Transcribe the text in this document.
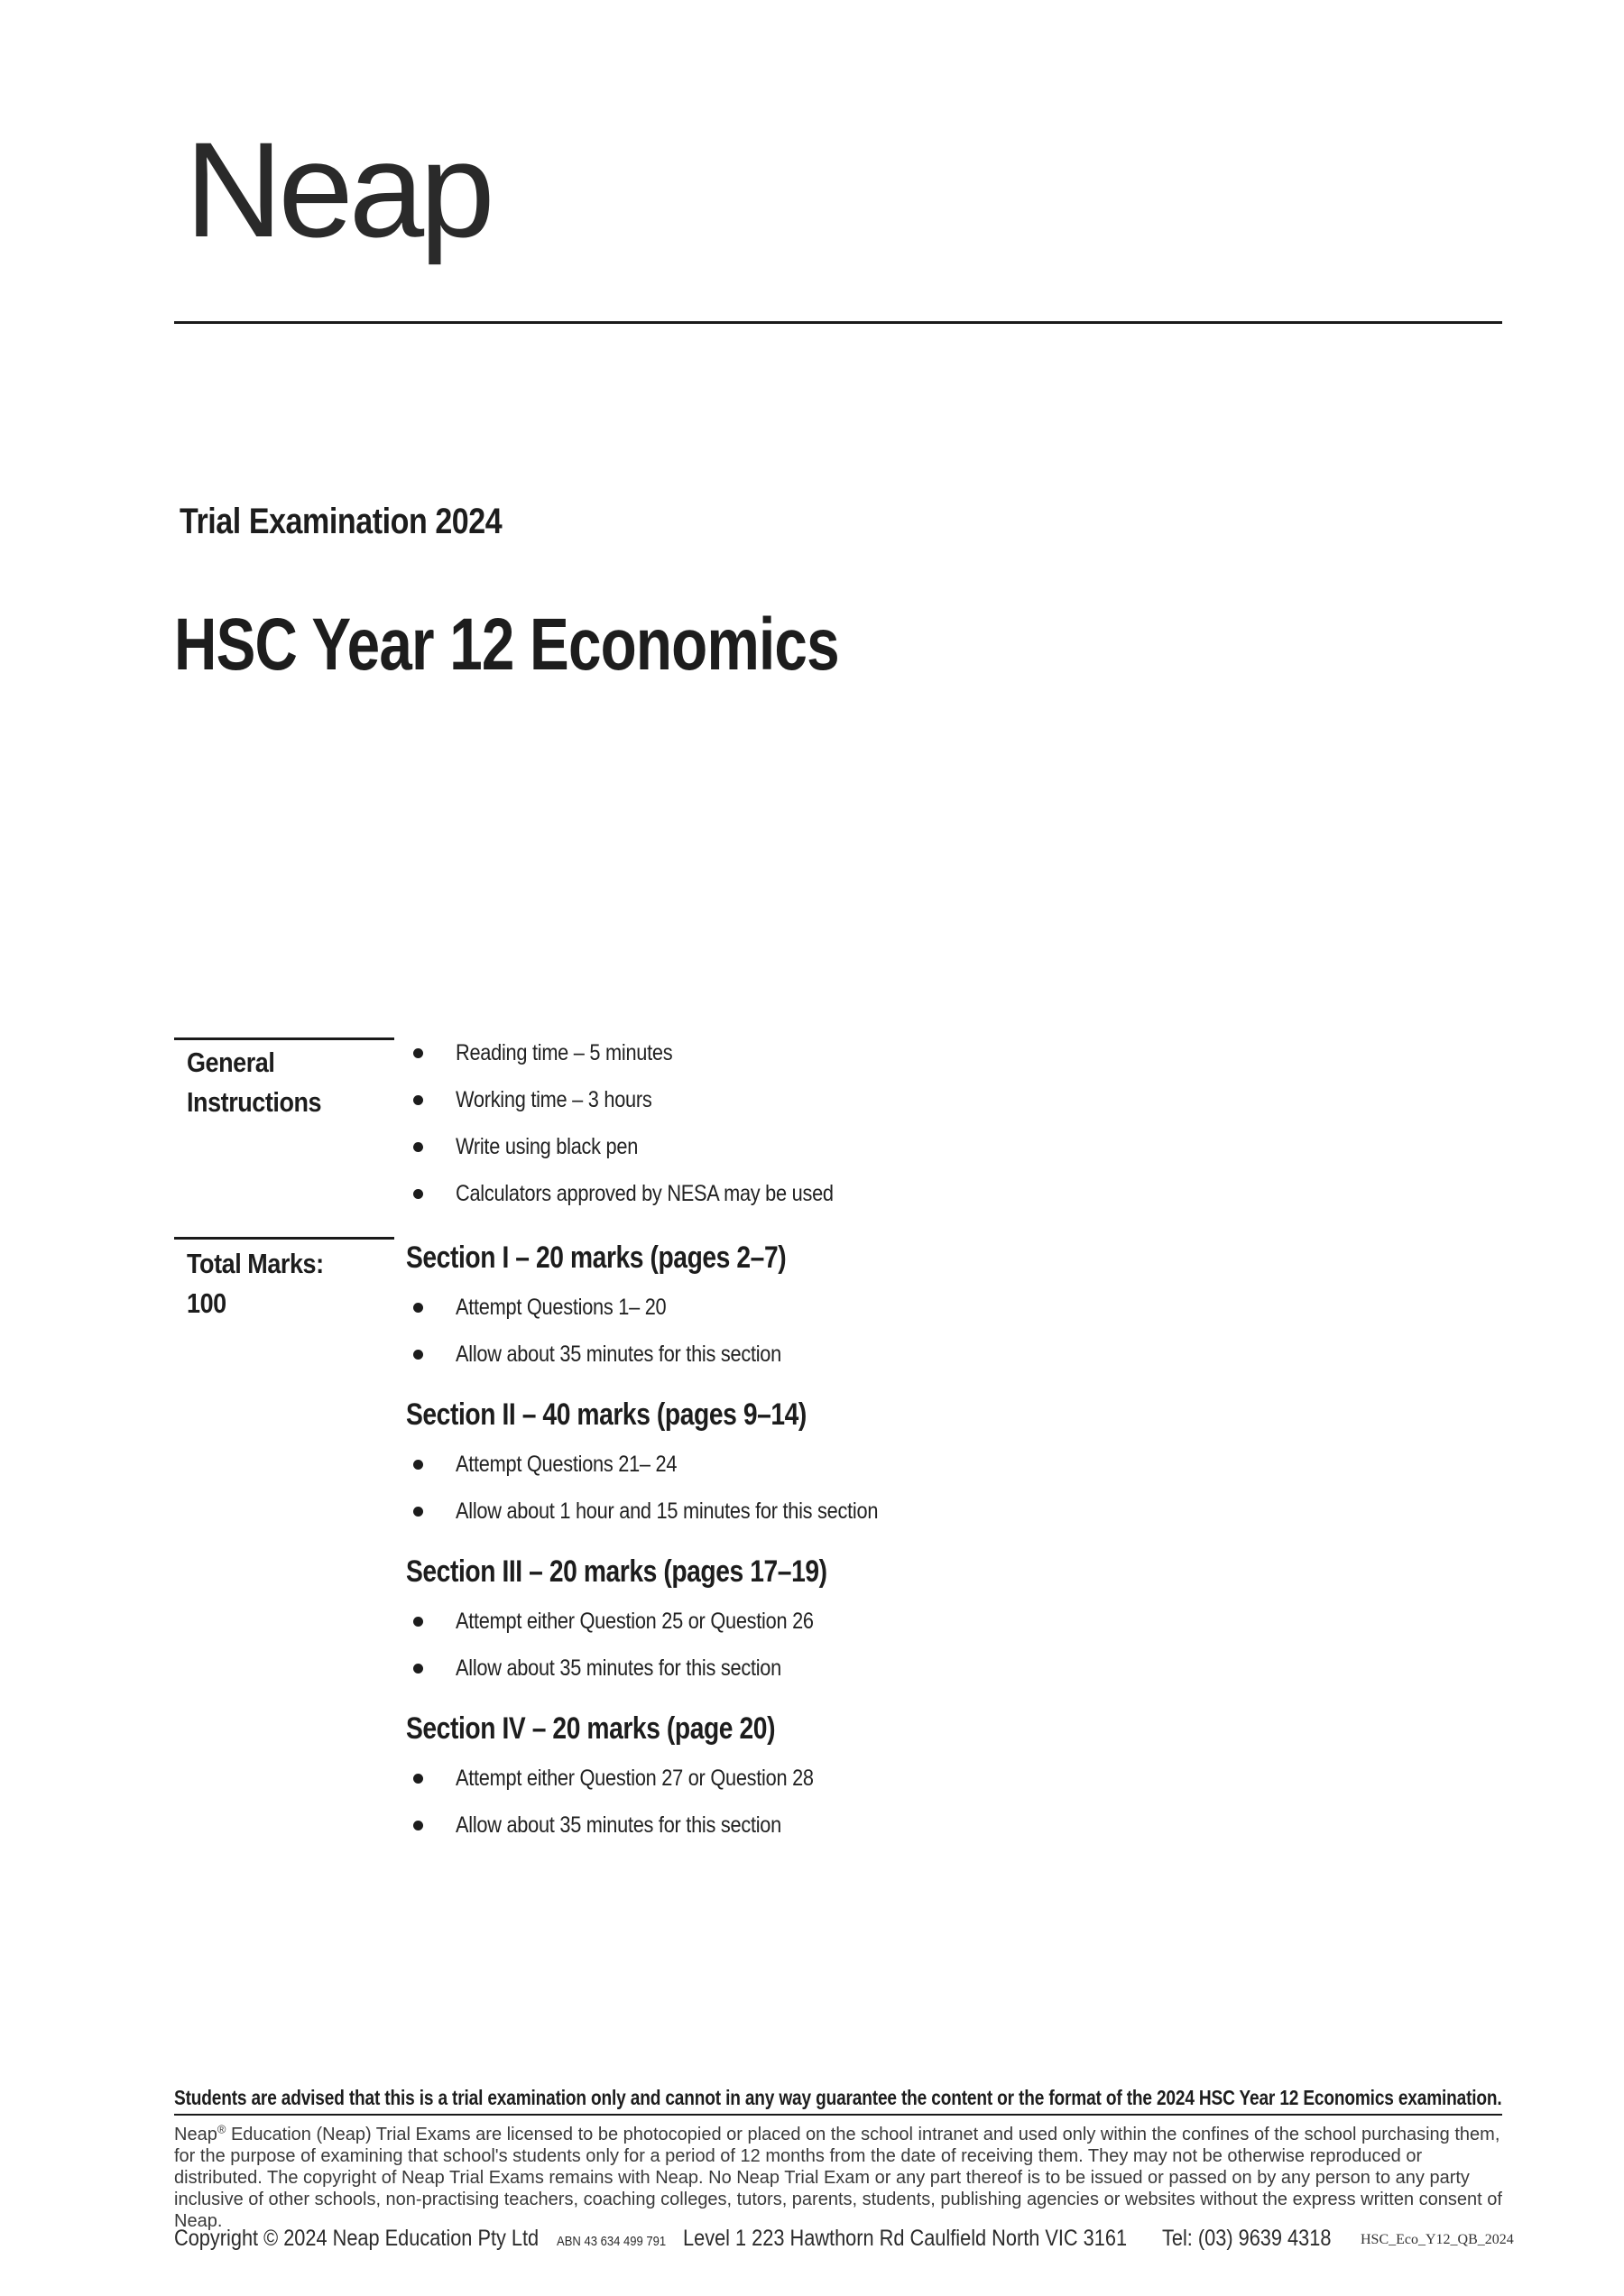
Neap
Trial Examination 2024
HSC Year 12 Economics
General
Instructions
Reading time – 5 minutes
Working time – 3 hours
Write using black pen
Calculators approved by NESA may be used
Total Marks:
100
Section I – 20 marks (pages 2–7)
Attempt Questions 1– 20
Allow about 35 minutes for this section
Section II – 40 marks (pages 9–14)
Attempt Questions 21– 24
Allow about 1 hour and 15 minutes for this section
Section III – 20 marks (pages 17–19)
Attempt either Question 25 or Question 26
Allow about 35 minutes for this section
Section IV – 20 marks (page 20)
Attempt either Question 27 or Question 28
Allow about 35 minutes for this section
Students are advised that this is a trial examination only and cannot in any way guarantee the content or the format of the 2024 HSC Year 12 Economics examination.

Neap® Education (Neap) Trial Exams are licensed to be photocopied or placed on the school intranet and used only within the confines of the school purchasing them, for the purpose of examining that school's students only for a period of 12 months from the date of receiving them. They may not be otherwise reproduced or distributed. The copyright of Neap Trial Exams remains with Neap. No Neap Trial Exam or any part thereof is to be issued or passed on by any person to any party inclusive of other schools, non-practising teachers, coaching colleges, tutors, parents, students, publishing agencies or websites without the express written consent of Neap.

Copyright © 2024 Neap Education Pty Ltd	ABN 43 634 499 791 Level 1 223 Hawthorn Rd Caulfield North VIC 3161	Tel: (03) 9639 4318	HSC_Eco_Y12_QB_2024
